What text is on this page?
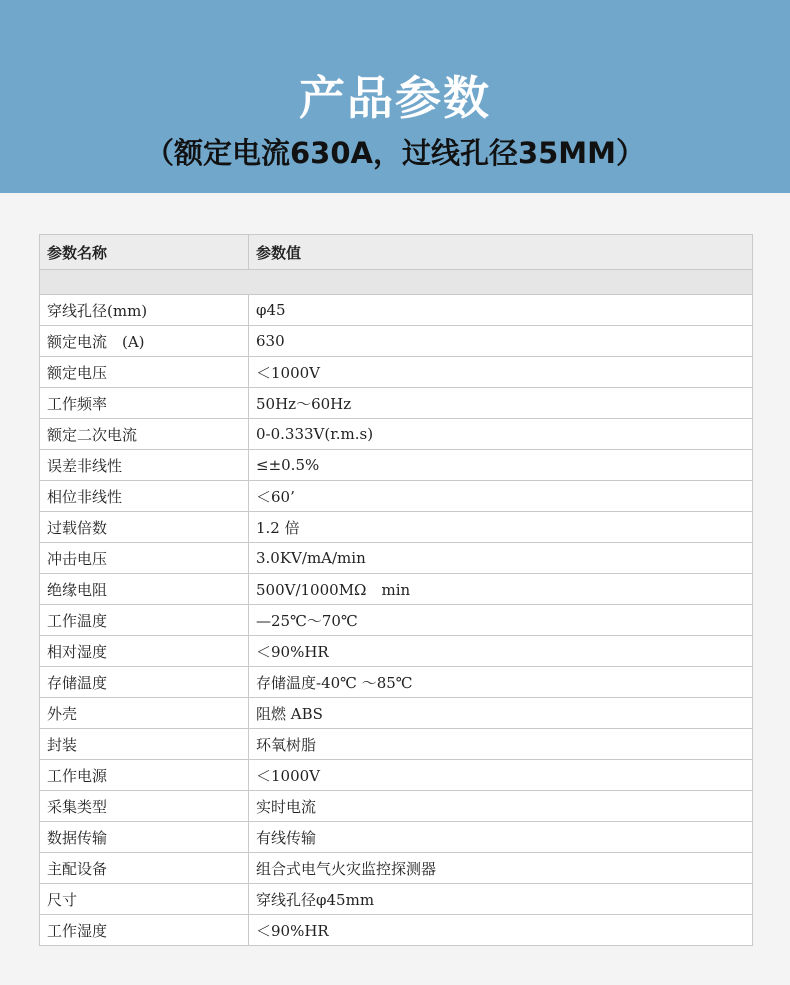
产品参数
（额定电流630A，过线孔径35MM）
参数名称	参数值

穿线孔径(mm)	φ45
额定电流　(A)	630
额定电压	＜1000V
工作频率	50Hz～60Hz
额定二次电流	0-0.333V(r.m.s)
误差非线性	≤±0.5%
相位非线性	＜60’
过载倍数	1.2 倍
冲击电压	3.0KV/mA/min
绝缘电阻	500V/1000MΩ　min
工作温度	—25℃～70℃
相对湿度	＜90%HR
存储温度	存储温度-40℃ ～85℃
外壳	阻燃 ABS
封装	环氧树脂
工作电源	＜1000V
采集类型	实时电流
数据传输	有线传输
主配设备	组合式电气火灾监控探测器
尺寸	穿线孔径φ45mm
工作湿度	＜90%HR
